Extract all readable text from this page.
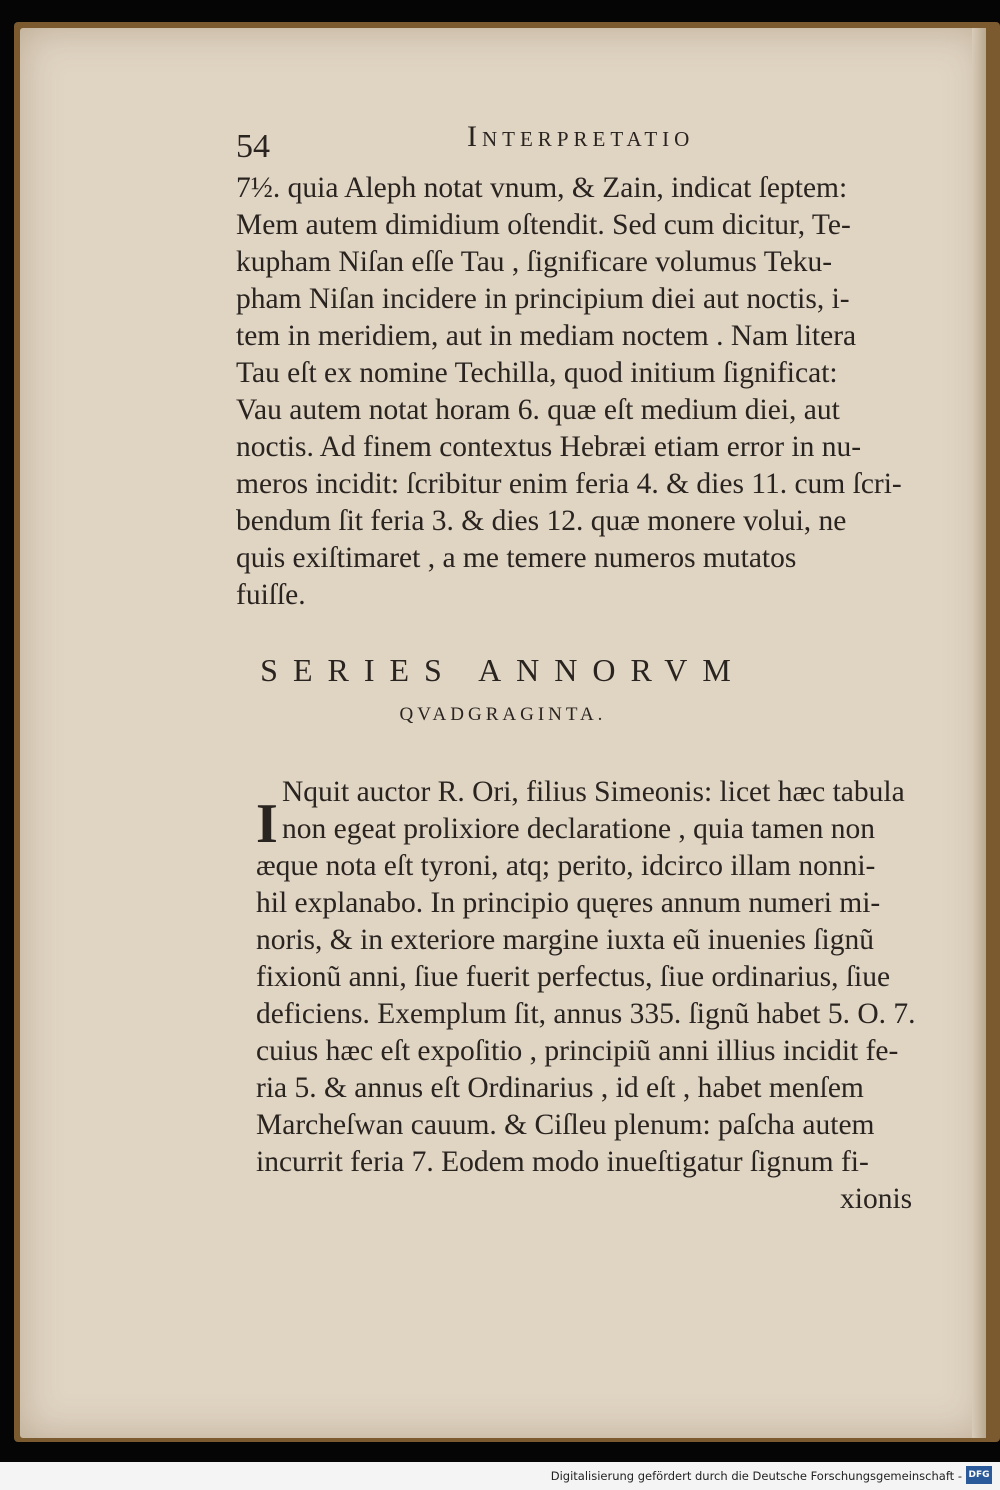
54	Interpretatio
7½. quia Aleph notat vnum, & Zain, indicat ſeptem:
Mem autem dimidium oſtendit. Sed cum dicitur, Te-
kupham Niſan eſſe Tau , ſignificare volumus Teku-
pham Niſan incidere in principium diei aut noctis, i-
tem in meridiem, aut in mediam noctem . Nam litera
Tau eſt ex nomine Techilla, quod initium ſignificat:
Vau autem notat horam 6. quæ eſt medium diei, aut
noctis. Ad finem contextus Hebræi etiam error in nu-
meros incidit: ſcribitur enim feria 4. & dies 11. cum ſcri-
bendum ſit feria 3. & dies 12. quæ monere volui, ne
quis exiſtimaret , a me temere numeros mutatos
fuiſſe.
SERIES ANNORVM
QVADGRAGINTA.
I
Nquit auctor R. Ori, filius Simeonis: licet hæc tabula
non egeat prolixiore declaratione , quia tamen non
æque nota eſt tyroni, atq; perito, idcirco illam nonni-
hil explanabo. In principio quęres annum numeri mi-
noris, & in exteriore margine iuxta eũ inuenies ſignũ
fixionũ anni, ſiue fuerit perfectus, ſiue ordinarius, ſiue
deficiens. Exemplum ſit, annus 335. ſignũ habet 5. O. 7.
cuius hæc eſt expoſitio , principiũ anni illius incidit fe-
ria 5. & annus eſt Ordinarius , id eſt , habet menſem
Marcheſwan cauum. & Ciſleu plenum: paſcha autem
incurrit feria 7. Eodem modo inueſtigatur ſignum fi-
xionis
Digitalisierung gefördert durch die Deutsche Forschungsgemeinschaft - DFG
